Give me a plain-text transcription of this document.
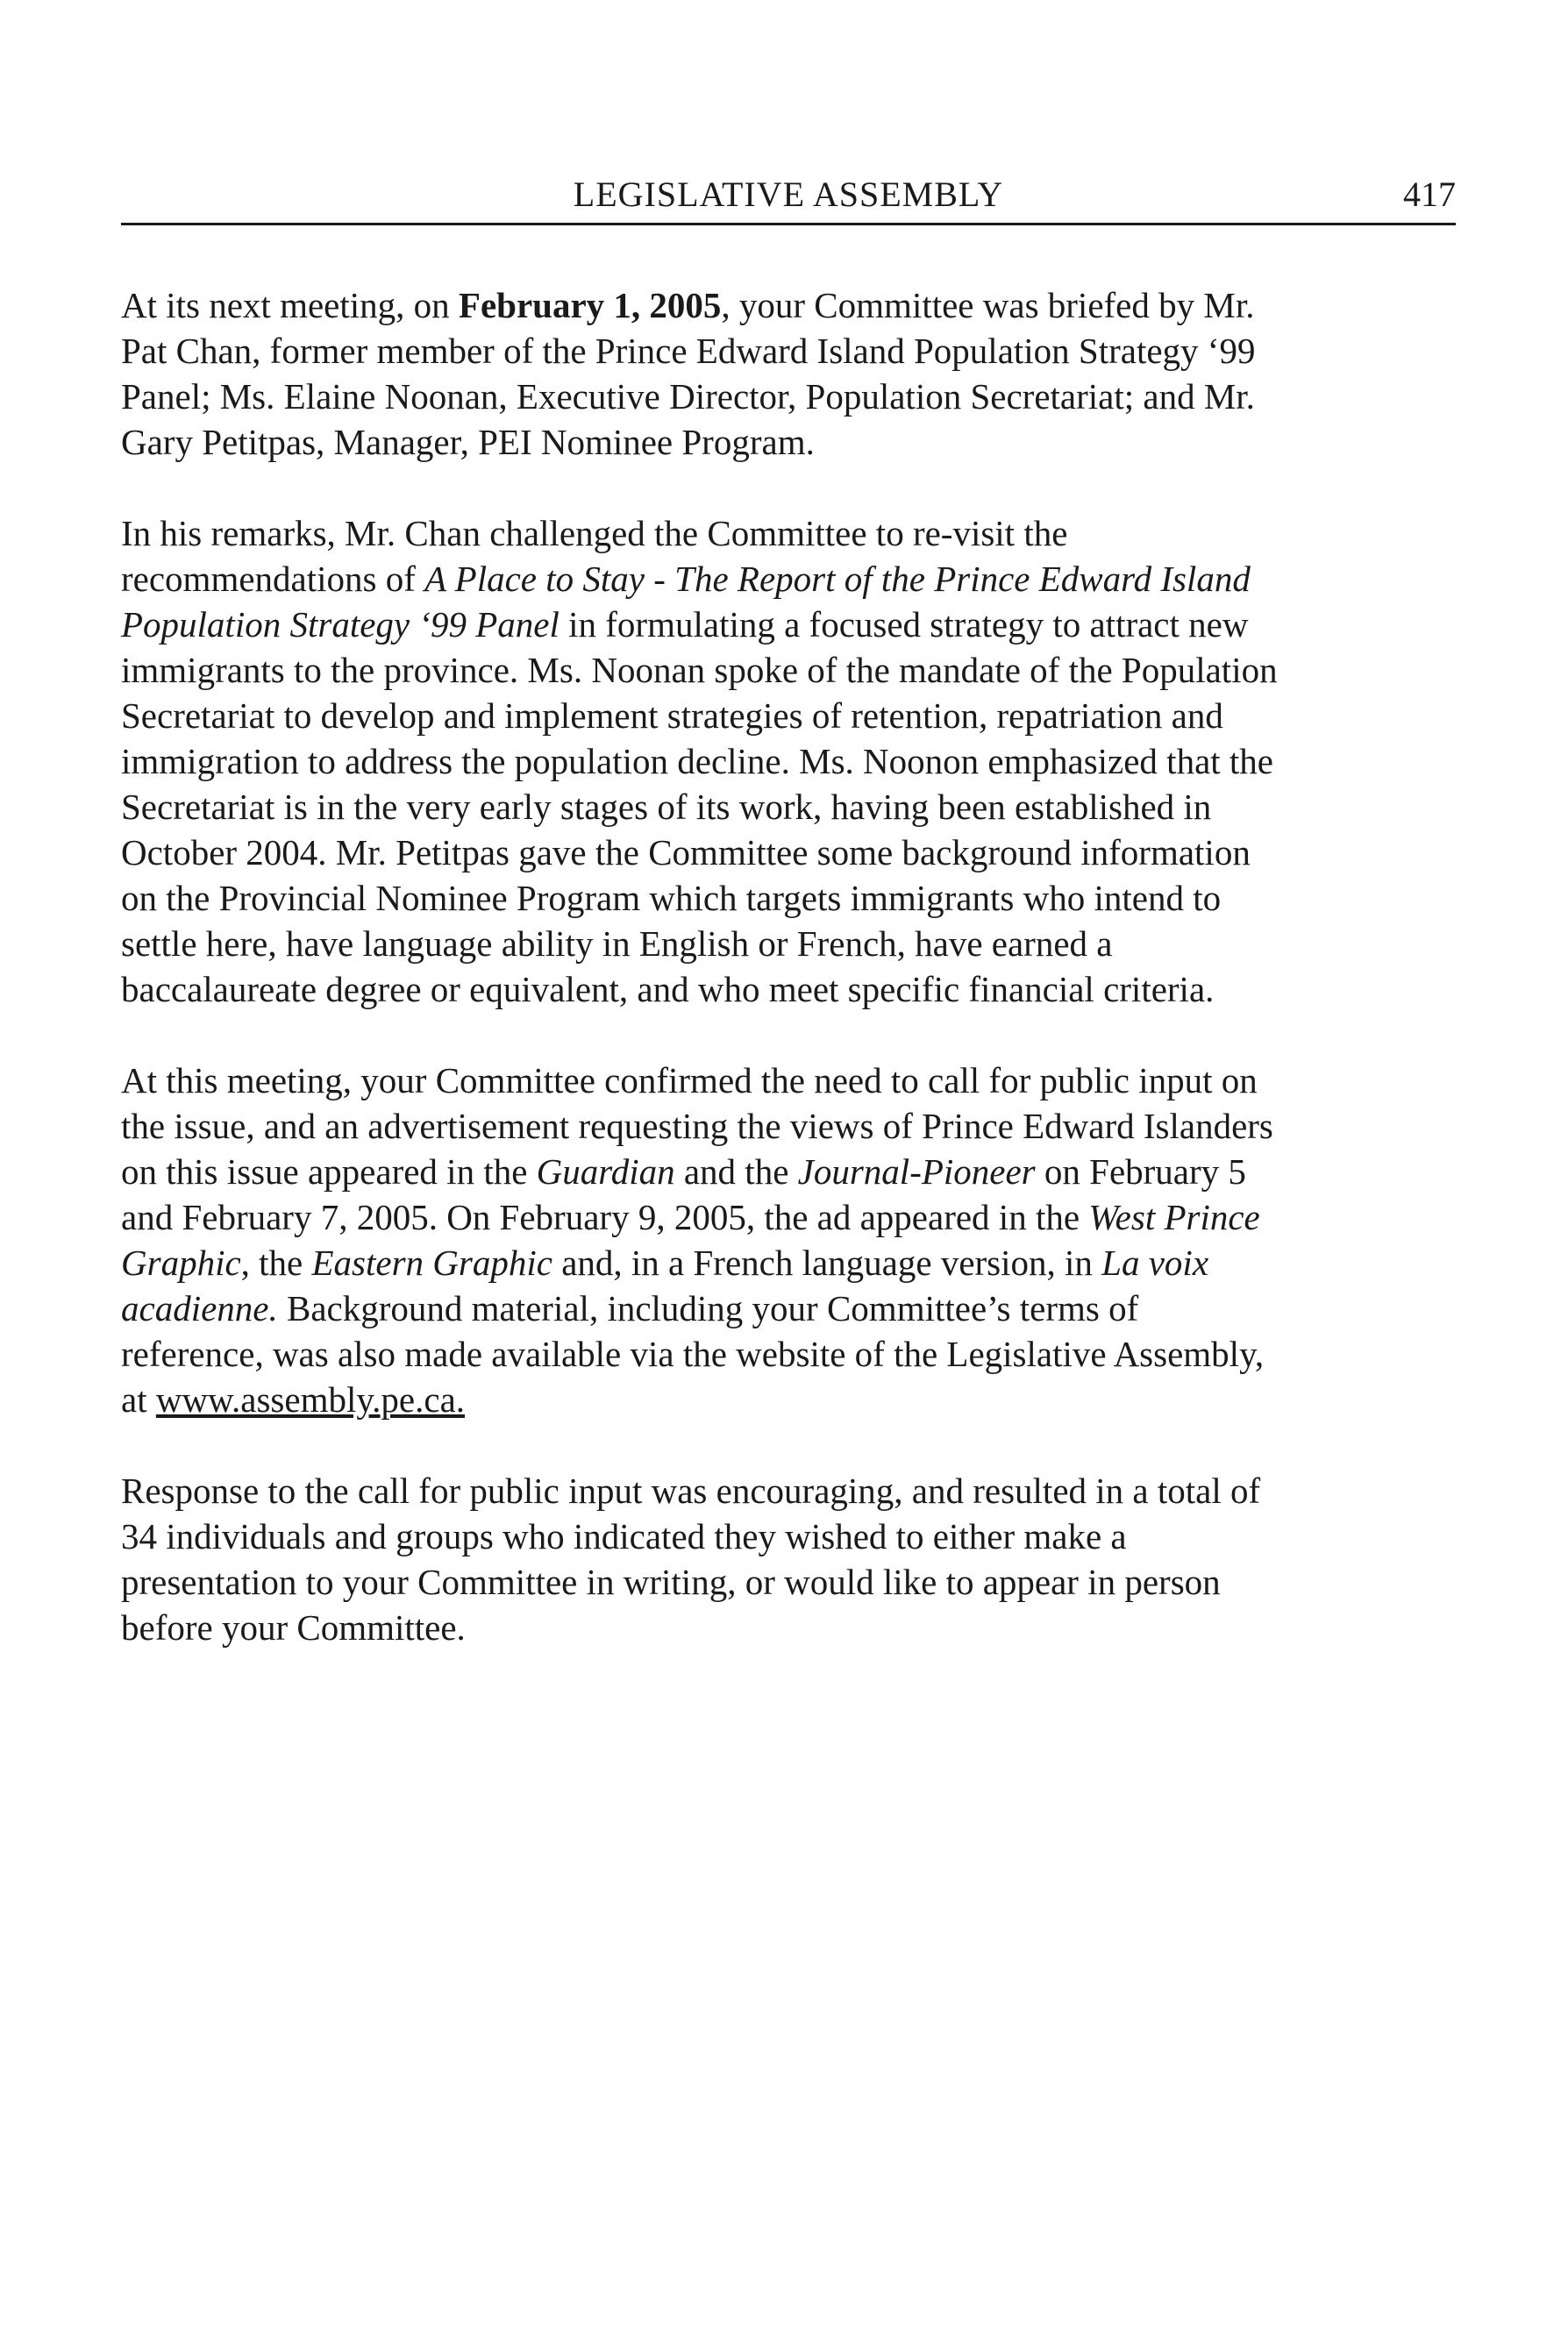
LEGISLATIVE ASSEMBLY	417

At its next meeting, on February 1, 2005, your Committee was briefed by Mr.
Pat Chan, former member of the Prince Edward Island Population Strategy ‘99
Panel; Ms. Elaine Noonan, Executive Director, Population Secretariat; and Mr.
Gary Petitpas, Manager, PEI Nominee Program.

In his remarks, Mr. Chan challenged the Committee to re-visit the
recommendations of A Place to Stay - The Report of the Prince Edward Island
Population Strategy ‘99 Panel in formulating a focused strategy to attract new
immigrants to the province. Ms. Noonan spoke of the mandate of the Population
Secretariat to develop and implement strategies of retention, repatriation and
immigration to address the population decline. Ms. Noonon emphasized that the
Secretariat is in the very early stages of its work, having been established in
October 2004. Mr. Petitpas gave the Committee some background information
on the Provincial Nominee Program which targets immigrants who intend to
settle here, have language ability in English or French, have earned a
baccalaureate degree or equivalent, and who meet specific financial criteria.

At this meeting, your Committee confirmed the need to call for public input on
the issue, and an advertisement requesting the views of Prince Edward Islanders
on this issue appeared in the Guardian and the Journal-Pioneer on February 5
and February 7, 2005. On February 9, 2005, the ad appeared in the West Prince
Graphic, the Eastern Graphic and, in a French language version, in La voix
acadienne. Background material, including your Committee’s terms of
reference, was also made available via the website of the Legislative Assembly,
at www.assembly.pe.ca.

Response to the call for public input was encouraging, and resulted in a total of
34 individuals and groups who indicated they wished to either make a
presentation to your Committee in writing, or would like to appear in person
before your Committee.
